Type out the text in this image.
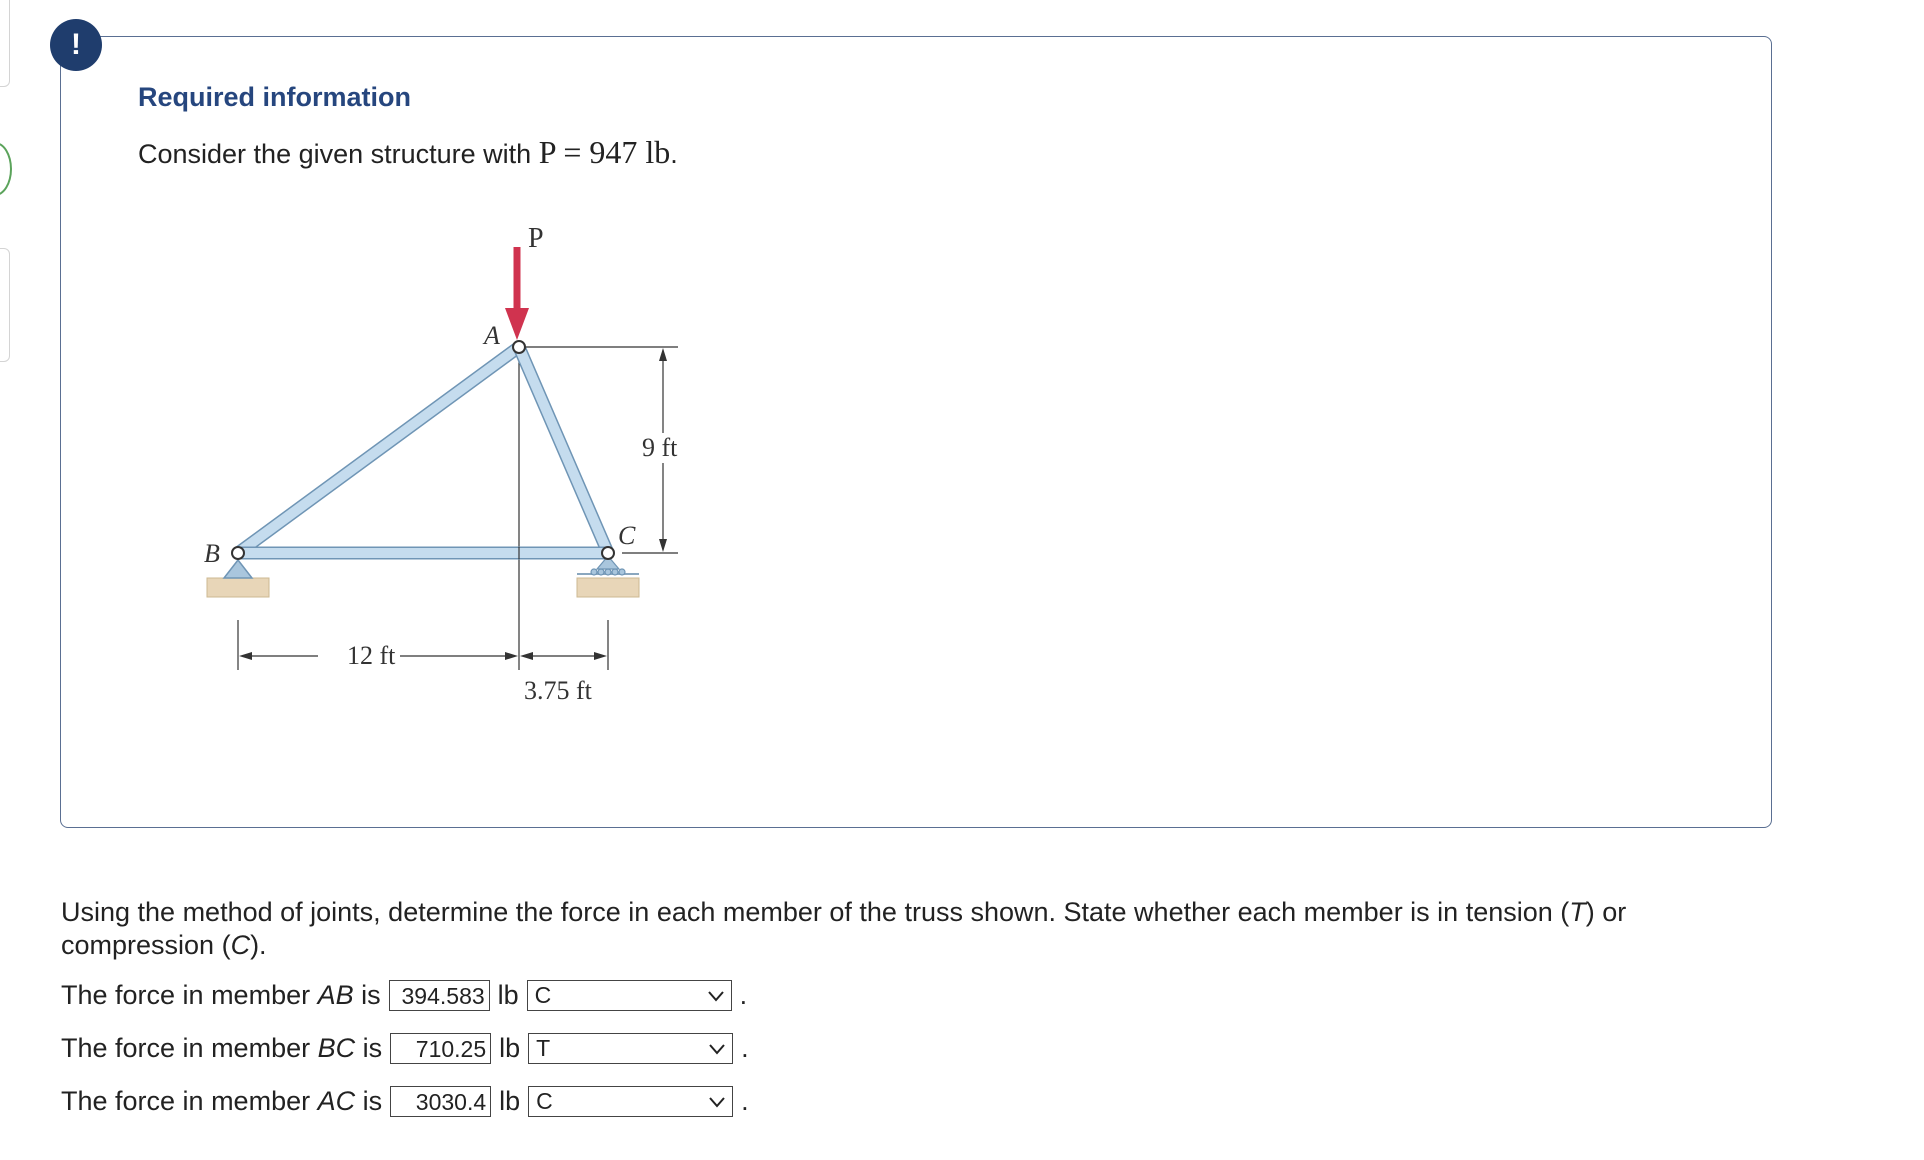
!
Required information
Consider the given structure with P = 947 lb.
P
A
B
C
9 ft
12 ft
3.75 ft
Using the method of joints, determine the force in each member of the truss shown. State whether each member is in tension (T) or compression (C).
The force in member
AB
is 394.583 lb C	.
The force in member
BC
is	710.25 lb T	.
The force in member
AC
is	3030.4 lb C	.
